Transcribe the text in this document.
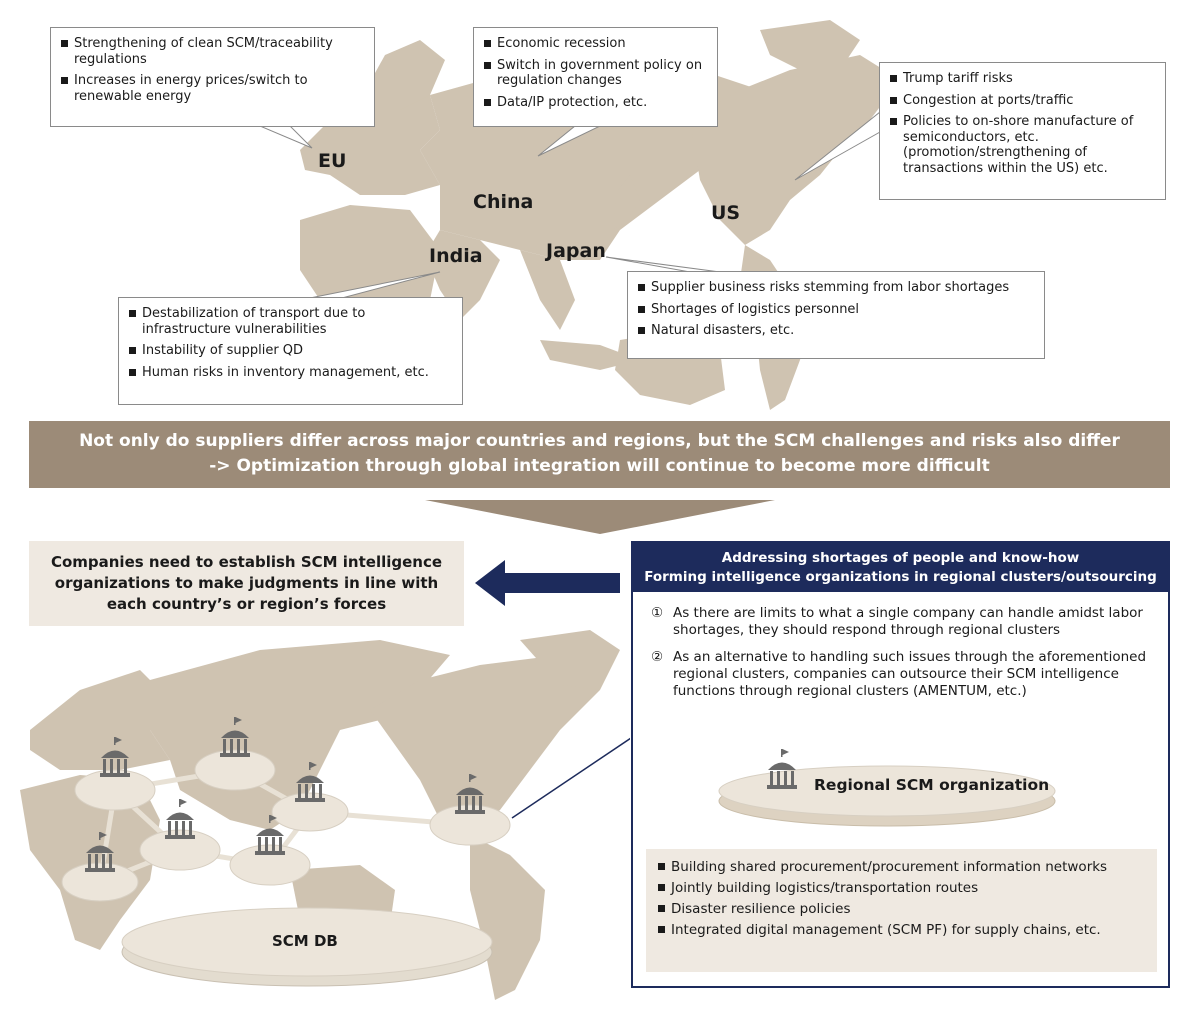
EU
China	US
India	Japan
Strengthening of clean SCM/traceability regulations
Increases in energy prices/switch to renewable energy
Economic recession
Switch in government policy on regulation changes
Data/IP protection, etc.
Trump tariff risks
Congestion at ports/traffic
Policies to on-shore manufacture of semiconductors, etc. (promotion/strengthening of transactions within the US) etc.
Destabilization of transport due to infrastructure vulnerabilities
Instability of supplier QD
Human risks in inventory management, etc.
Supplier business risks stemming from labor shortages
Shortages of logistics personnel
Natural disasters, etc.
Not only do suppliers differ across major countries and regions, but the SCM challenges and risks also differ
-> Optimization through global integration will continue to become more difficult
Companies need to establish SCM intelligence organizations to make judgments in line with each country’s or region’s forces
SCM DB
Addressing shortages of people and know-how
Forming intelligence organizations in regional clusters/outsourcing
① As there are limits to what a single company can handle amidst labor shortages, they should respond through regional clusters
② As an alternative to handling such issues through the aforementioned regional clusters, companies can outsource their SCM intelligence functions through regional clusters (AMENTUM, etc.)
Regional SCM organization
Building shared procurement/procurement information networks
Jointly building logistics/transportation routes
Disaster resilience policies
Integrated digital management (SCM PF) for supply chains, etc.
